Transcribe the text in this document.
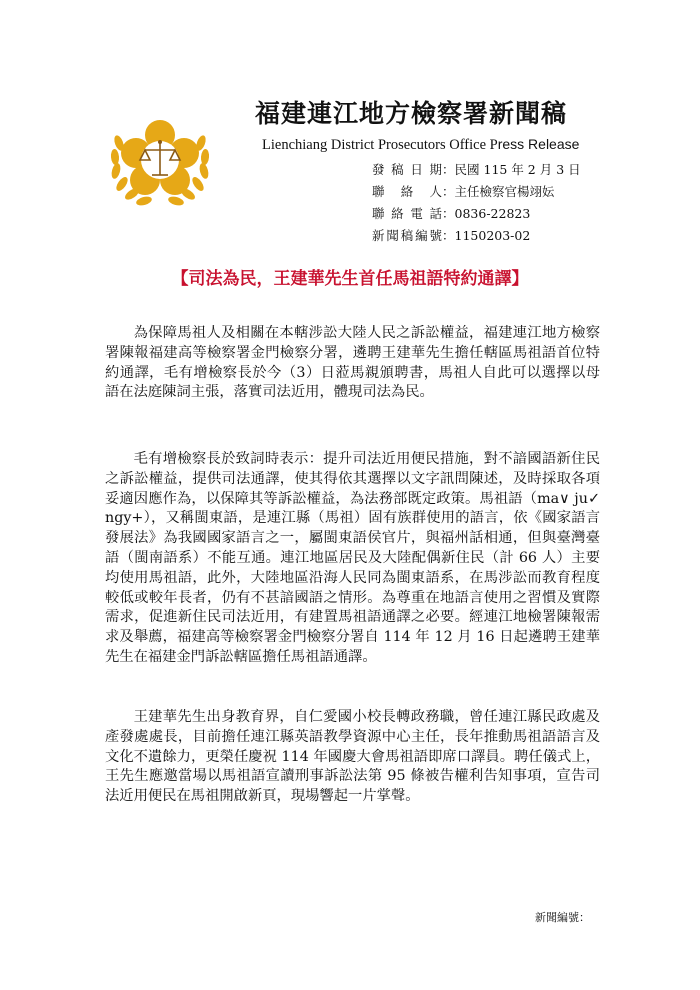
福建連江地方檢察署新聞稿
Lienchiang District Prosecutors Office Press Release
發稿日期：民國 115 年 2 月 3 日
聯絡人：主任檢察官楊翊妘
聯絡電話：0836-22823
新聞稿編號：1150203-02
【司法為民，王建華先生首任馬祖語特約通譯】

為保障馬祖人及相關在本轄涉訟大陸人民之訴訟權益，福建連江地方檢察署陳報福建高等檢察署金門檢察分署，遴聘王建華先生擔任轄區馬祖語首位特約通譯，毛有增檢察長於今（3）日蒞馬親頒聘書，馬祖人自此可以選擇以母語在法庭陳詞主張，落實司法近用，體現司法為民。

毛有增檢察長於致詞時表示：提升司法近用便民措施，對不諳國語新住民之訴訟權益，提供司法通譯，使其得依其選擇以文字訊問陳述，及時採取各項妥適因應作為，以保障其等訴訟權益，為法務部既定政策。馬祖語（ma∨ ju✓ ngy+），又稱閩東語，是連江縣（馬祖）固有族群使用的語言，依《國家語言發展法》為我國國家語言之一，屬閩東語侯官片，與福州話相通，但與臺灣臺語（閩南語系）不能互通。連江地區居民及大陸配偶新住民（計 66 人）主要均使用馬祖語，此外，大陸地區沿海人民同為閩東語系，在馬涉訟而教育程度較低或較年長者，仍有不甚諳國語之情形。為尊重在地語言使用之習慣及實際需求，促進新住民司法近用，有建置馬祖語通譯之必要。經連江地檢署陳報需求及舉薦，福建高等檢察署金門檢察分署自 114 年 12 月 16 日起遴聘王建華先生在福建金門訴訟轄區擔任馬祖語通譯。

王建華先生出身教育界，自仁愛國小校長轉政務職，曾任連江縣民政處及產發處處長，目前擔任連江縣英語教學資源中心主任，長年推動馬祖語語言及文化不遺餘力，更榮任慶祝 114 年國慶大會馬祖語即席口譯員。聘任儀式上，王先生應邀當場以馬祖語宣讀刑事訴訟法第 95 條被告權利告知事項，宣告司法近用便民在馬祖開啟新頁，現場響起一片掌聲。

新聞編號：
